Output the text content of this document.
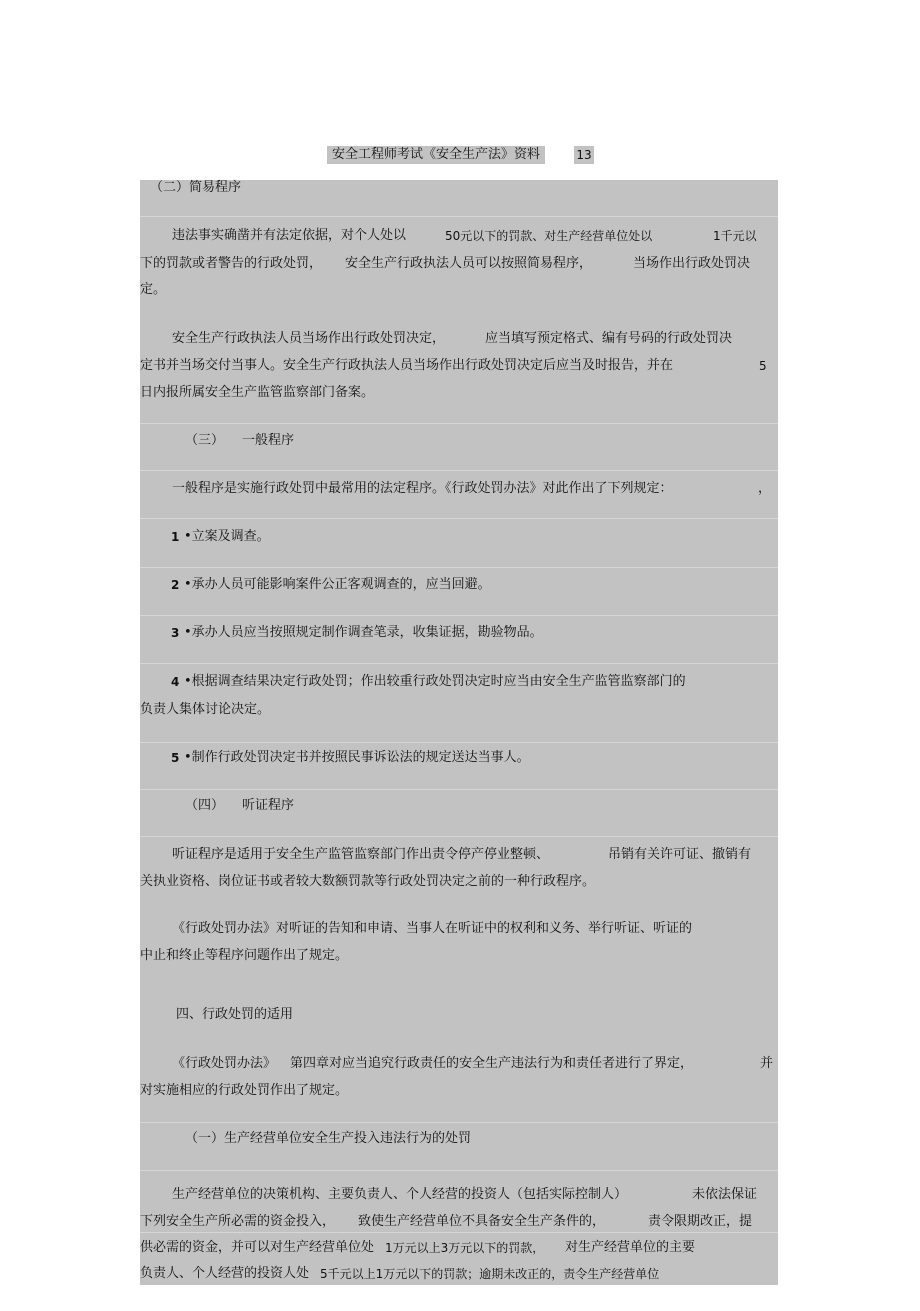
安全工程师考试《安全生产法》资料	13
（二）简易程序
违法事实确凿并有法定依据，对个人处以	50元以下的罚款、对生产经营单位处以	1千元以
下的罚款或者警告的行政处罚， 安全生产行政执法人员可以按照简易程序，	当场作出行政处罚决
定。
安全生产行政执法人员当场作出行政处罚决定，	应当填写预定格式、编有号码的行政处罚决
定书并当场交付当事人。安全生产行政执法人员当场作出行政处罚决定后应当及时报告，并在	5
日内报所属安全生产监管监察部门备案。
（三） 一般程序
一般程序是实施行政处罚中最常用的法定程序。《行政处罚办法》对此作出了下列规定：	，
1 •立案及调查。
2 •承办人员可能影响案件公正客观调查的，应当回避。
3 •承办人员应当按照规定制作调查笔录，收集证据，勘验物品。
4 •根据调查结果决定行政处罚；作出较重行政处罚决定时应当由安全生产监管监察部门的
负责人集体讨论决定。
5 •制作行政处罚决定书并按照民事诉讼法的规定送达当事人。
（四） 听证程序
听证程序是适用于安全生产监管监察部门作出责令停产停业整顿、	吊销有关许可证、撤销有
关执业资格、岗位证书或者较大数额罚款等行政处罚决定之前的一种行政程序。
《行政处罚办法》对听证的告知和申请、当事人在听证中的权利和义务、举行听证、听证的
中止和终止等程序问题作出了规定。
四、行政处罚的适用
《行政处罚办法》 第四章对应当追究行政责任的安全生产违法行为和责任者进行了界定，	并
对实施相应的行政处罚作出了规定。
（一）生产经营单位安全生产投入违法行为的处罚
生产经营单位的决策机构、主要负责人、个人经营的投资人（包括实际控制人）	未依法保证
下列安全生产所必需的资金投入， 致使生产经营单位不具备安全生产条件的，	责令限期改正，提
供必需的资金，并可以对生产经营单位处 1万元以上3万元以下的罚款， 对生产经营单位的主要
负责人、个人经营的投资人处 5千元以上1万元以下的罚款；逾期未改正的，责令生产经营单位
